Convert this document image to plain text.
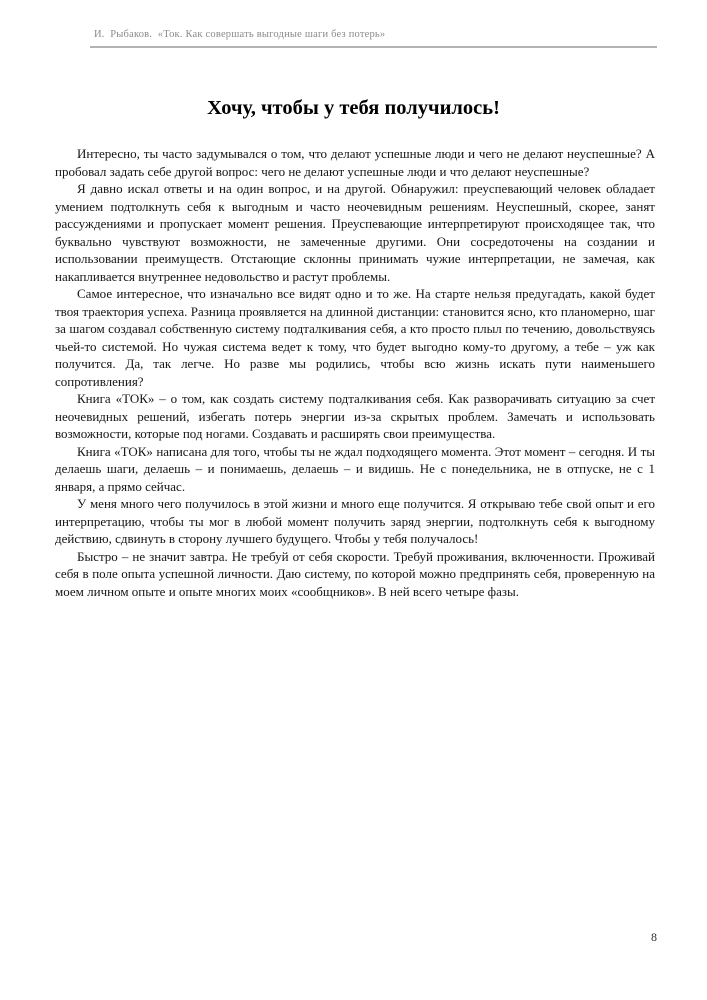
И.  Рыбаков.  «Ток. Как совершать выгодные шаги без потерь»
Хочу, чтобы у тебя получилось!

Интересно, ты часто задумывался о том, что делают успешные люди и чего не делают неуспешные? А пробовал задать себе другой вопрос: чего не делают успешные люди и что делают неуспешные?

Я давно искал ответы и на один вопрос, и на другой. Обнаружил: преуспевающий человек обладает умением подтолкнуть себя к выгодным и часто неочевидным решениям. Неуспешный, скорее, занят рассуждениями и пропускает момент решения. Преуспевающие интерпретируют происходящее так, что буквально чувствуют возможности, не замеченные другими. Они сосредоточены на создании и использовании преимуществ. Отстающие склонны принимать чужие интерпретации, не замечая, как накапливается внутреннее недовольство и растут проблемы.

Самое интересное, что изначально все видят одно и то же. На старте нельзя предугадать, какой будет твоя траектория успеха. Разница проявляется на длинной дистанции: становится ясно, кто планомерно, шаг за шагом создавал собственную систему подталкивания себя, а кто просто плыл по течению, довольствуясь чьей-то системой. Но чужая система ведет к тому, что будет выгодно кому-то другому, а тебе – уж как получится. Да, так легче. Но разве мы родились, чтобы всю жизнь искать пути наименьшего сопротивления?

Книга «ТОК» – о том, как создать систему подталкивания себя. Как разворачивать ситуацию за счет неочевидных решений, избегать потерь энергии из-за скрытых проблем. Замечать и использовать возможности, которые под ногами. Создавать и расширять свои преимущества.

Книга «ТОК» написана для того, чтобы ты не ждал подходящего момента. Этот момент – сегодня. И ты делаешь шаги, делаешь – и понимаешь, делаешь – и видишь. Не с понедельника, не в отпуске, не с 1 января, а прямо сейчас.

У меня много чего получилось в этой жизни и много еще получится. Я открываю тебе свой опыт и его интерпретацию, чтобы ты мог в любой момент получить заряд энергии, подтолкнуть себя к выгодному действию, сдвинуть в сторону лучшего будущего. Чтобы у тебя получалось!

Быстро – не значит завтра. Не требуй от себя скорости. Требуй проживания, включенности. Проживай себя в поле опыта успешной личности. Даю систему, по которой можно предпринять себя, проверенную на моем личном опыте и опыте многих моих «сообщников». В ней всего четыре фазы.

8
